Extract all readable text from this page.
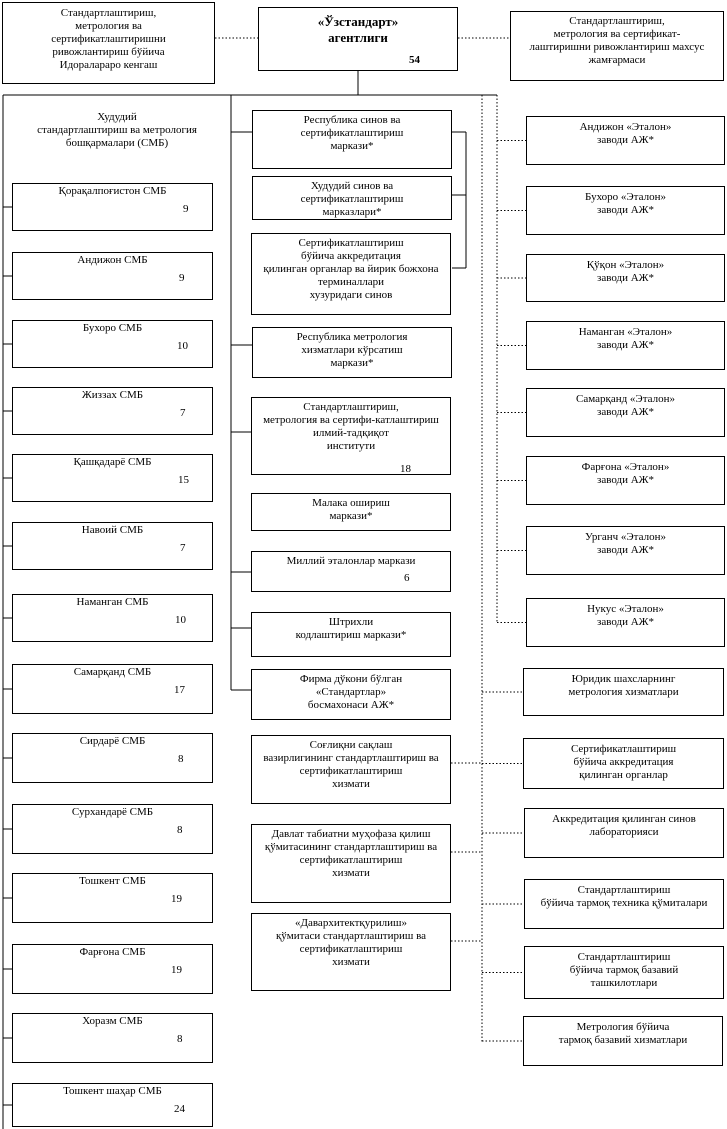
Стандартлаштириш,
метрология ва
сертификатлаштиришни
ривожлантириш бўйича
Идоралараро кенгаш
«Ўзстандарт»
агентлиги
54
Стандартлаштириш,
метрология ва сертификат-
лаштиришни ривожлантириш махсус
жамғармаси
Худудий
стандартлаштириш ва метрология
бошқармалари (СМБ)
Қорақалпоғистон СМБ
9
Андижон СМБ
9
Бухоро СМБ
10
Жиззах СМБ
7
Қашқадарё СМБ
15
Навоий СМБ
7
Наманган СМБ
10
Самарқанд СМБ
17
Сирдарё СМБ
8
Сурхандарё СМБ
8
Тошкент СМБ
19
Фарғона СМБ
19
Хоразм СМБ
8
Тошкент шаҳар СМБ
24
Республика синов ва
сертификатлаштириш
маркази*
Худудий синов ва
сертификатлаштириш
марказлари*
Сертификатлаштириш
бўйича аккредитация
қилинган органлар ва йирик божхона
терминаллари
хузуридаги синов
Республика метрология
хизматлари кўрсатиш
маркази*
Стандартлаштириш,
метрология ва сертифи-катлаштириш
илмий-тадқиқот
институти
18
Малака ошириш
маркази*
Миллий эталонлар маркази
6
Штрихли
кодлаштириш маркази*
Фирма дўкони бўлган
«Стандартлар»
босмахонаси АЖ*
Соғлиқни сақлаш
вазирлигининг стандартлаштириш ва
сертификатлаштириш
хизмати
Давлат табиатни муҳофаза қилиш
қўмитасининг стандартлаштириш ва
сертификатлаштириш
хизмати
«Давархитектқурилиш»
қўмитаси стандартлаштириш ва
сертификатлаштириш
хизмати
Андижон «Эталон»
заводи АЖ*
Бухоро «Эталон»
заводи АЖ*
Қўқон «Эталон»
заводи АЖ*
Наманган «Эталон»
заводи АЖ*
Самарқанд «Эталон»
заводи АЖ*
Фарғона «Эталон»
заводи АЖ*
Урганч «Эталон»
заводи АЖ*
Нукус «Эталон»
заводи АЖ*
Юридик шахсларнинг
метрология хизматлари
Сертификатлаштириш
бўйича аккредитация
қилинган органлар
Аккредитация қилинган синов
лабораторияси
Стандартлаштириш
бўйича тармоқ техника қўмиталари
Стандартлаштириш
бўйича тармоқ базавий
ташкилотлари
Метрология бўйича
тармоқ базавий хизматлари
